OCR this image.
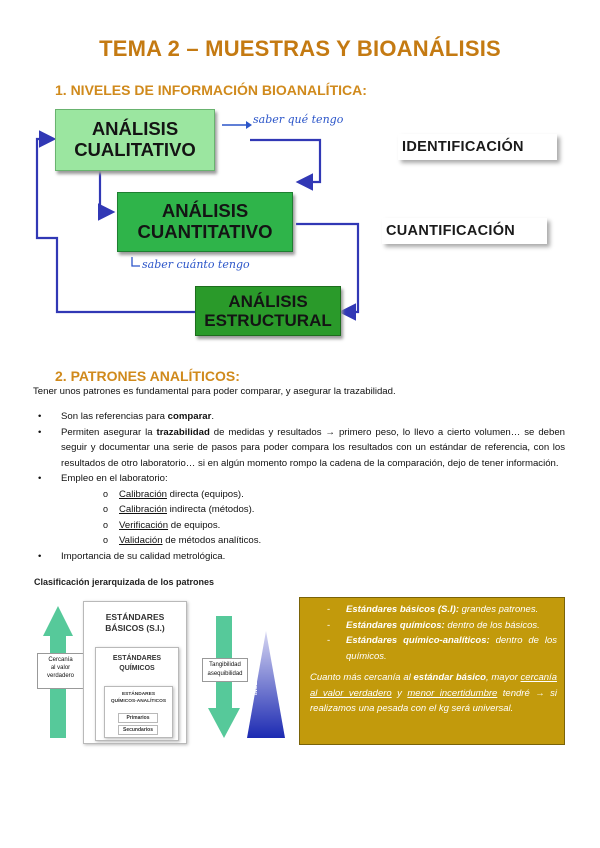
TEMA 2 – MUESTRAS Y BIOANÁLISIS
1. NIVELES DE INFORMACIÓN BIOANALÍTICA:
ANÁLISIS
CUALITATIVO
saber qué tengo
ANÁLISIS
CUANTITATIVO
saber cuánto tengo
ANÁLISIS
ESTRUCTURAL
IDENTIFICACIÓN
CUANTIFICACIÓN
2. PATRONES ANALÍTICOS:
Tener unos patrones es fundamental para poder comparar, y asegurar la trazabilidad.
• Son las referencias para comparar.
• Permiten asegurar la trazabilidad de medidas y resultados → primero peso, lo llevo a cierto volumen… se deben seguir y documentar una serie de pasos para poder compara los resultados con un estándar de referencia, con los resultados de otro laboratorio… si en algún momento rompo la cadena de la comparación, dejo de tener información.
• Empleo en el laboratorio:
o Calibración directa (equipos).
o Calibración indirecta (métodos).
o Verificación de equipos.
o Validación de métodos analíticos.
• Importancia de su calidad metrológica.
Clasificación jerarquizada de los patrones
Cercanía
al valor
verdadero
Tangibilidad
asequibilidad	INCERTIDUMBRE
ESTÁNDARES
BÁSICOS (S.I.)
ESTÁNDARES
QUÍMICOS
ESTÁNDARES
QUÍMICOS-ANALÍTICOS
Primarios
Secundarios
- Estándares básicos (S.I): grandes patrones.
- Estándares químicos: dentro de los básicos.
- Estándares químico-analíticos: dentro de los químicos.
Cuanto más cercanía al estándar básico, mayor cercanía al valor verdadero y menor incertidumbre tendré → si realizamos una pesada con el kg será universal.
